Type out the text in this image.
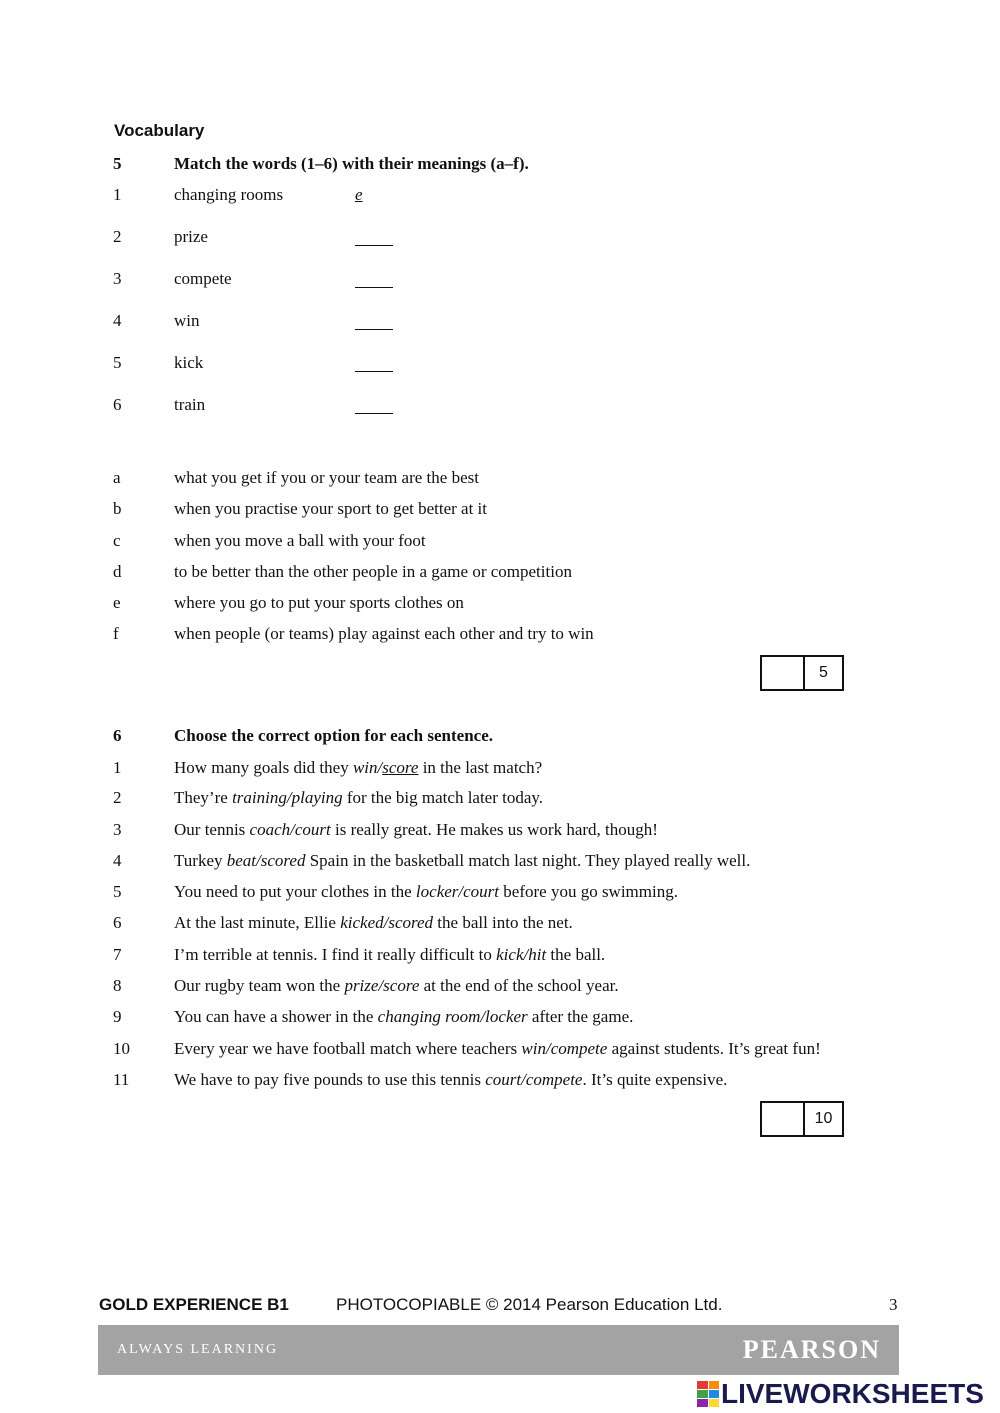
Vocabulary
5	Match the words (1–6) with their meanings (a–f).
1	changing rooms	e
2	prize
3	compete
4	win
5	kick
6	train
a	what you get if you or your team are the best
b	when you practise your sport to get better at it
c	when you move a ball with your foot
d	to be better than the other people in a game or competition
e	where you go to put your sports clothes on
f	when people (or teams) play against each other and try to win
5
6	Choose the correct option for each sentence.
1	How many goals did they win/score in the last match?
2	They’re training/playing for the big match later today.
3	Our tennis coach/court is really great. He makes us work hard, though!
4	Turkey beat/scored Spain in the basketball match last night. They played really well.
5	You need to put your clothes in the locker/court before you go swimming.
6	At the last minute, Ellie kicked/scored the ball into the net.
7	I’m terrible at tennis. I find it really difficult to kick/hit the ball.
8	Our rugby team won the prize/score at the end of the school year.
9	You can have a shower in the changing room/locker after the game.
10	Every year we have football match where teachers win/compete against students. It’s great fun!
11	We have to pay five pounds to use this tennis court/compete. It’s quite expensive.
10
GOLD EXPERIENCE B1	PHOTOCOPIABLE © 2014 Pearson Education Ltd.	3
ALWAYS LEARNING	PEARSON
LIVEWORKSHEETS
